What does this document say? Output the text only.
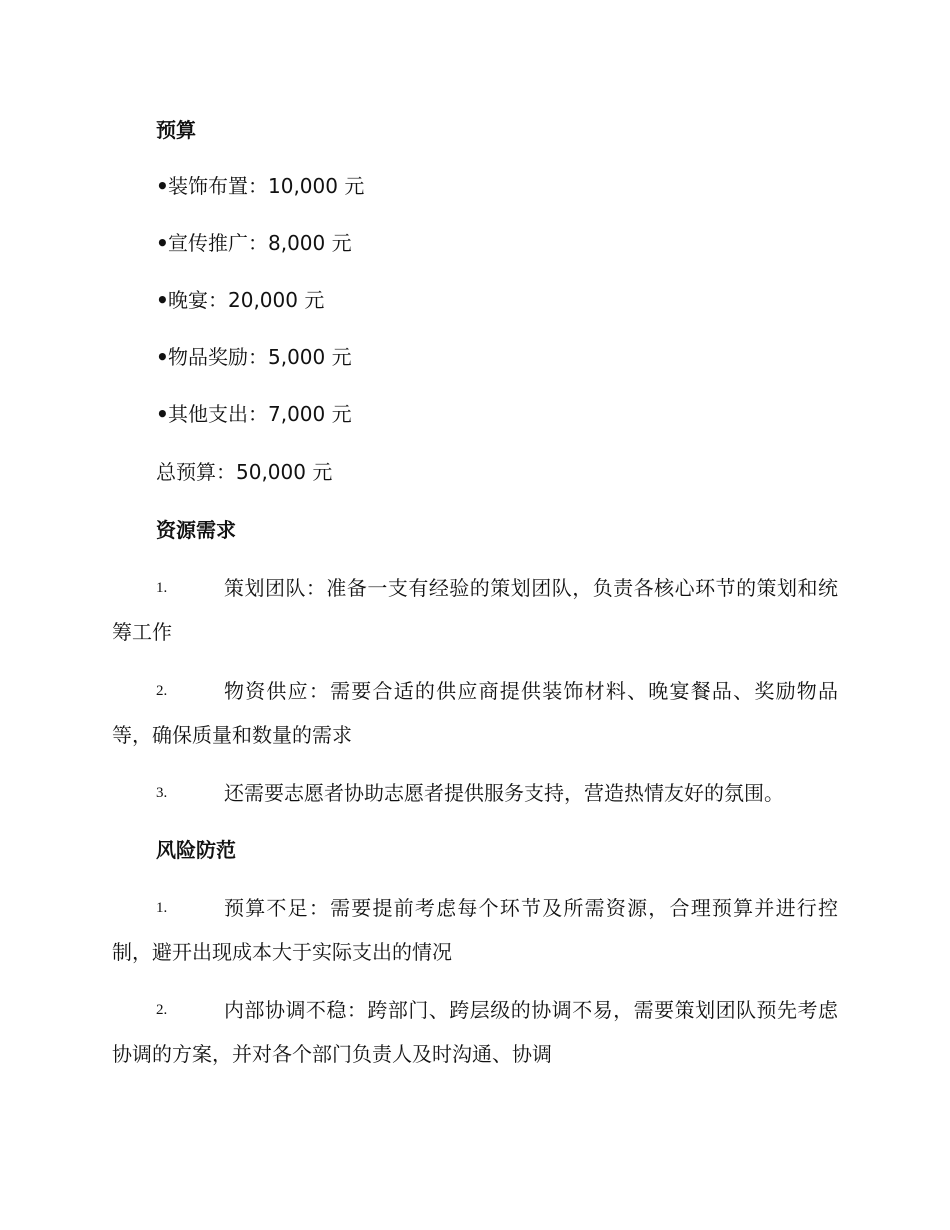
预算
•装饰布置：10,000 元
•宣传推广：8,000 元
•晚宴：20,000 元
•物品奖励：5,000 元
•其他支出：7,000 元
总预算：50,000 元
资源需求
1.	策划团队：准备一支有经验的策划团队，负责各核心环节的策划和统筹工作
2.	物资供应：需要合适的供应商提供装饰材料、晚宴餐品、奖励物品等，确保质量和数量的需求
3.	还需要志愿者协助志愿者提供服务支持，营造热情友好的氛围。
风险防范
1.	预算不足：需要提前考虑每个环节及所需资源，合理预算并进行控制，避开出现成本大于实际支出的情况
2.	内部协调不稳：跨部门、跨层级的协调不易，需要策划团队预先考虑协调的方案，并对各个部门负责人及时沟通、协调
